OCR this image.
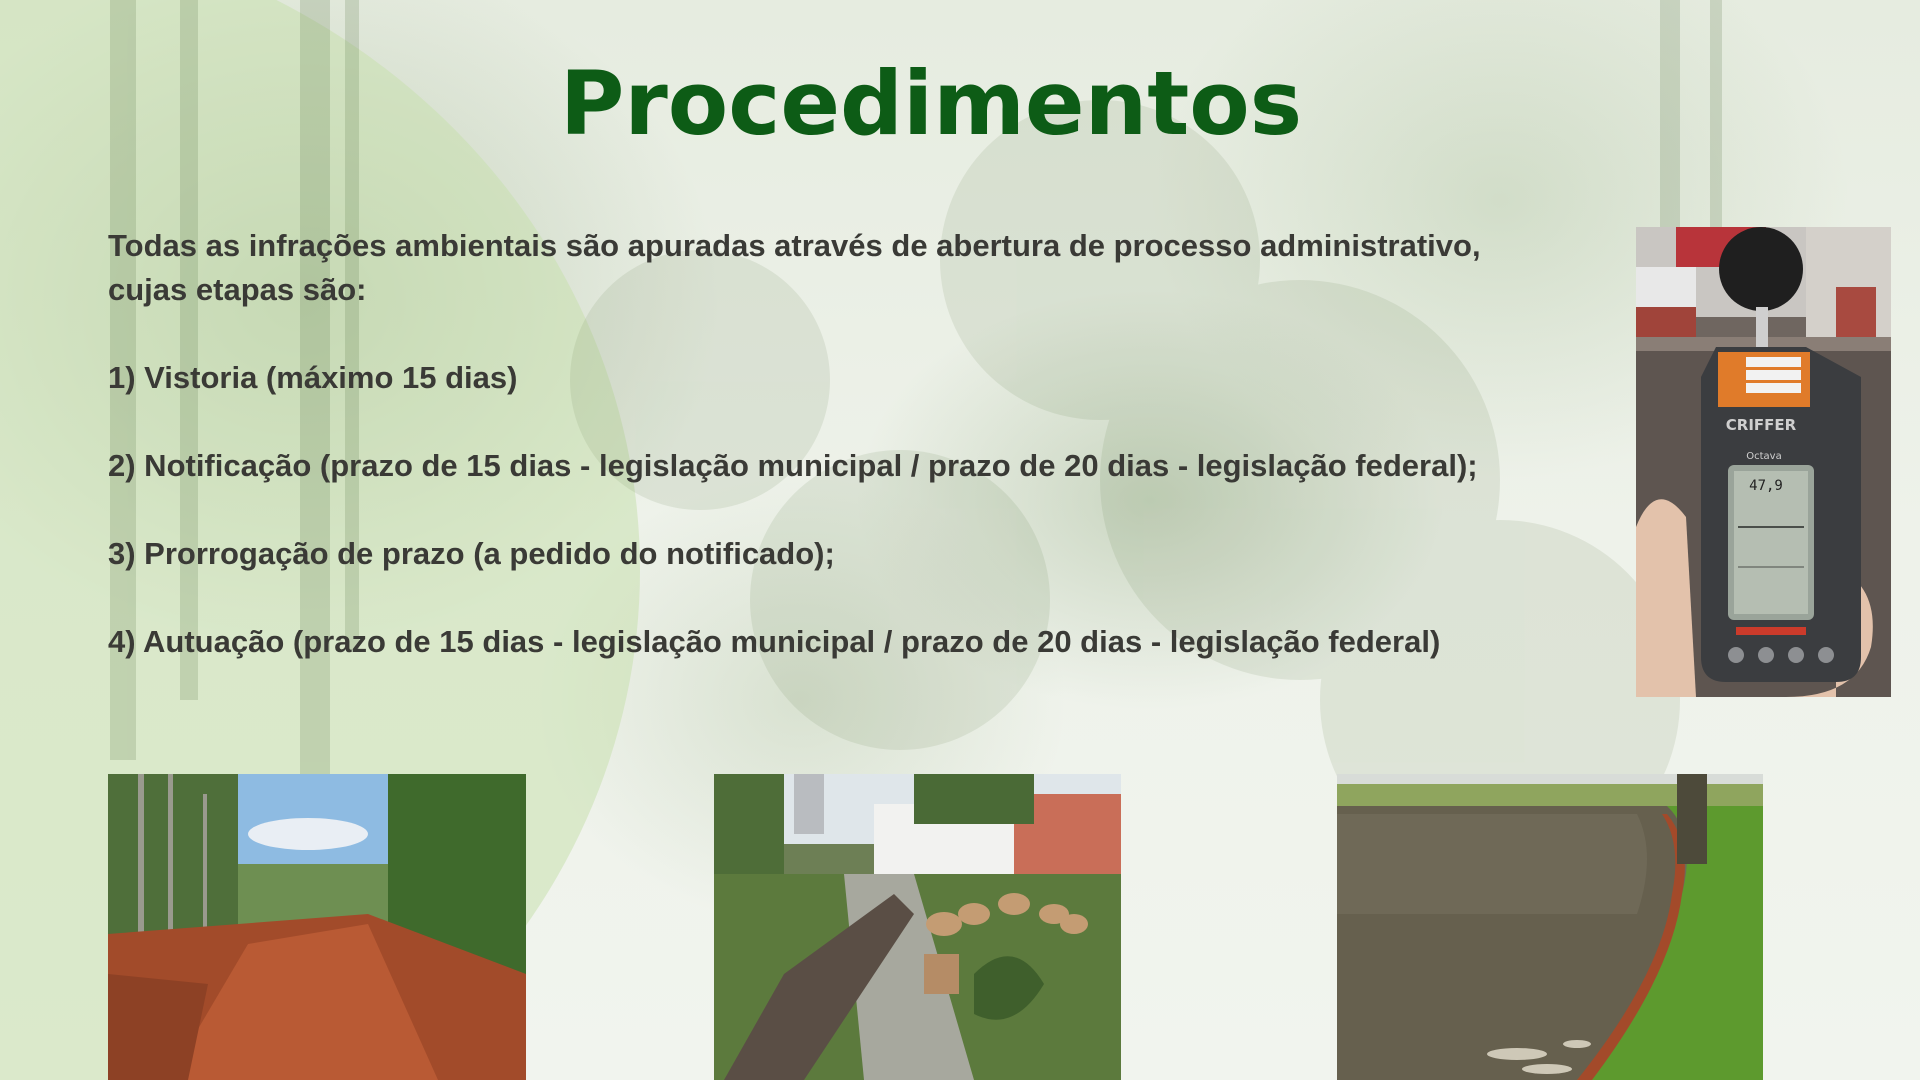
Procedimentos

Todas as infrações ambientais são apuradas através de abertura de processo administrativo,

cujas etapas são:

1) Vistoria (máximo 15 dias)

2) Notificação (prazo de 15 dias - legislação municipal / prazo de 20 dias - legislação federal);

3) Prorrogação de prazo (a pedido do notificado);

4) Autuação (prazo de 15 dias - legislação municipal / prazo de 20 dias - legislação federal)

CRIFFER
Octava
47,9
